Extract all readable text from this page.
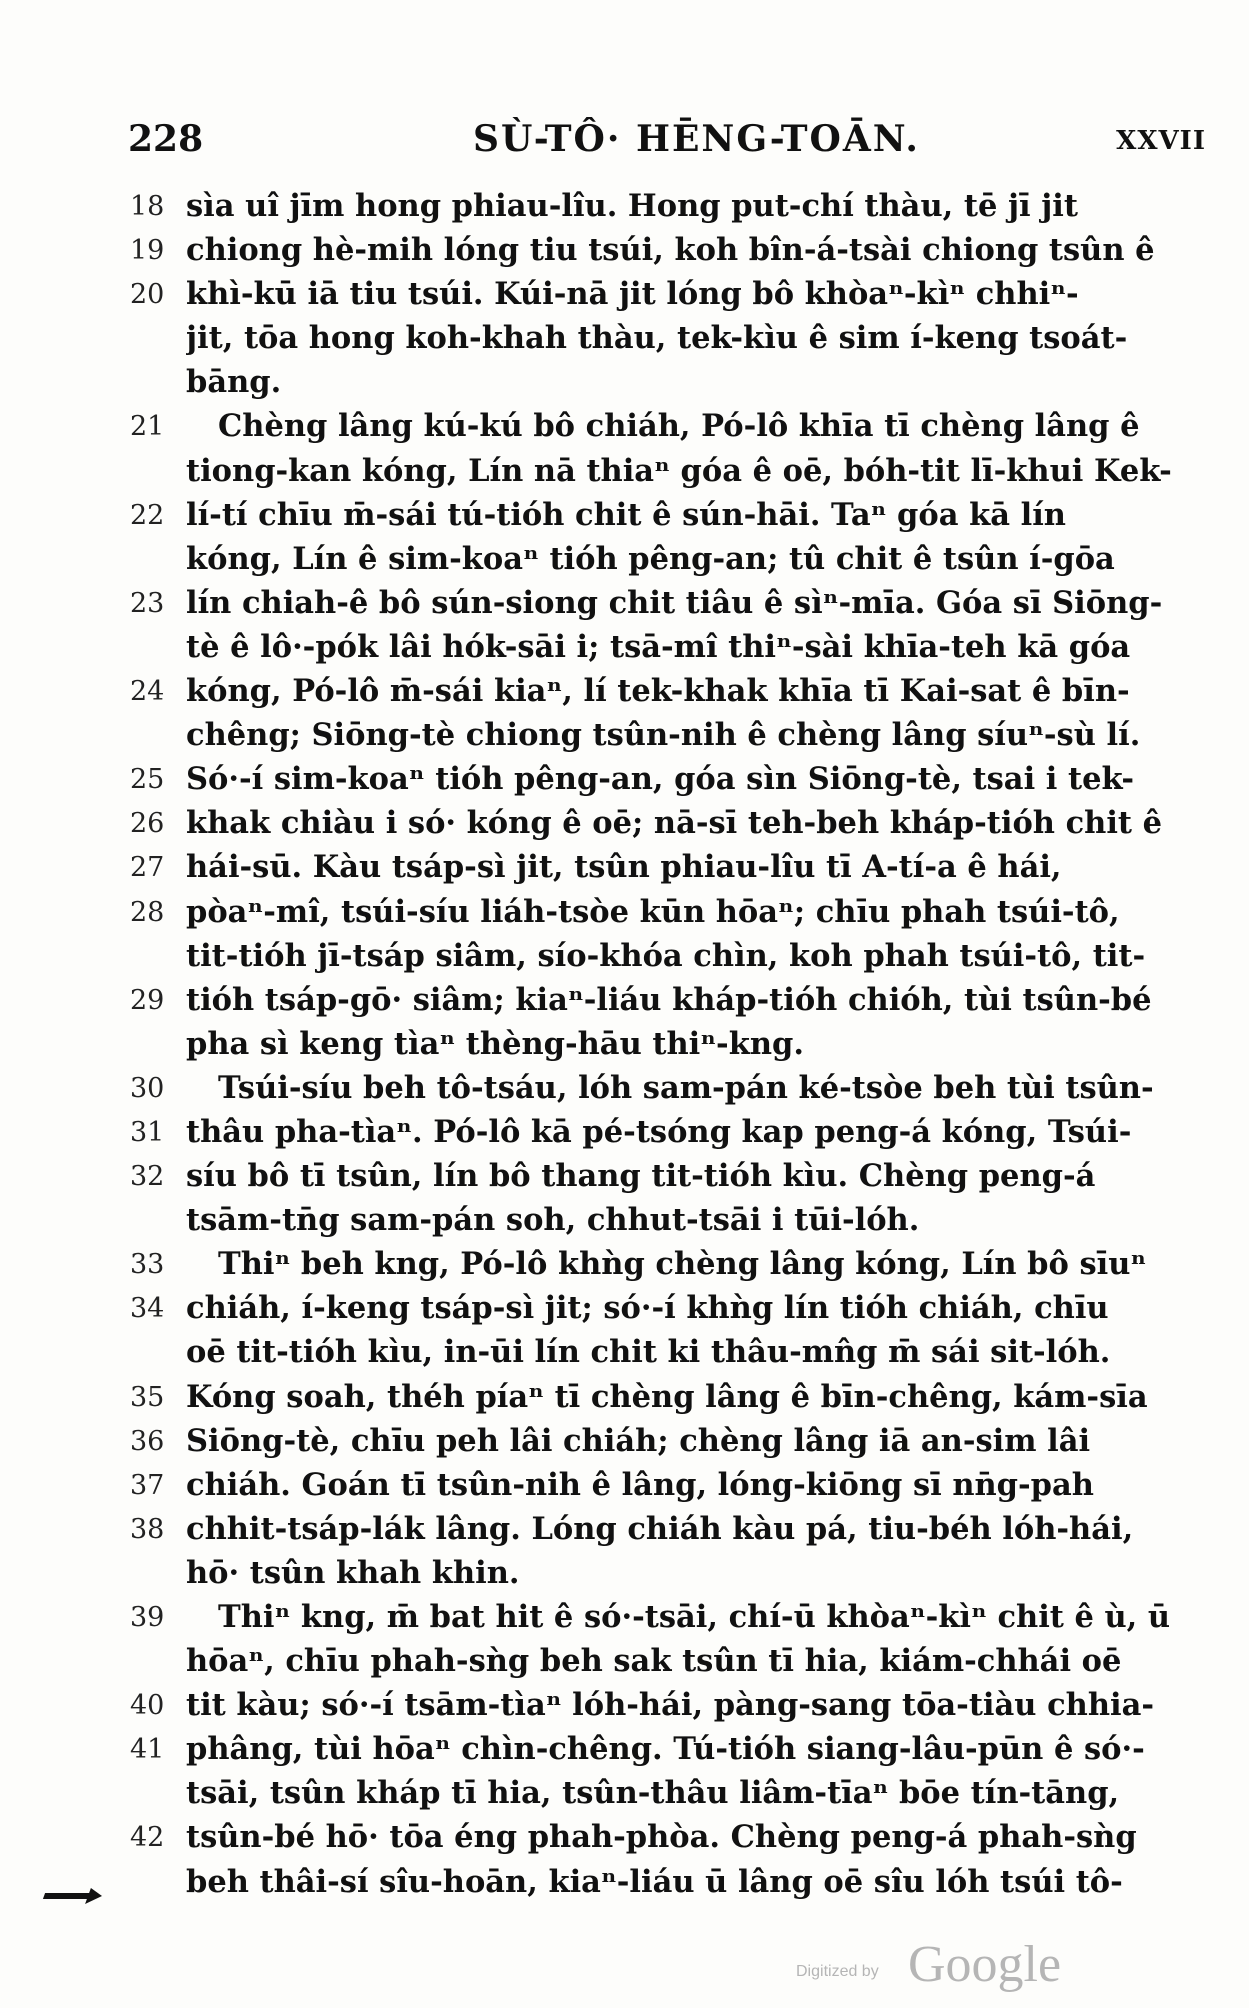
228	SÙ-TÔ· HĒNG-TOĀN.	XXVII
18 sìa uî jīm hong phiau-lîu. Hong put-chí thàu, tē jī jit
19 chiong hè-mih lóng tiu tsúi, koh bîn-á-tsài chiong tsûn ê
20 khì-kū iā tiu tsúi. Kúi-nā jit lóng bô khòaⁿ-kìⁿ chhiⁿ-
jit, tōa hong koh-khah thàu, tek-kìu ê sim í-keng tsoát-
bāng.
21	Chèng lâng kú-kú bô chiáh, Pó-lô khīa tī chèng lâng ê
tiong-kan kóng, Lín nā thiaⁿ góa ê oē, bóh-tit lī-khui Kek-
22 lí-tí chīu m̄-sái tú-tióh chit ê sún-hāi. Taⁿ góa kā lín
kóng, Lín ê sim-koaⁿ tióh pêng-an; tû chit ê tsûn í-gōa
23 lín chiah-ê bô sún-siong chit tiâu ê sìⁿ-mīa. Góa sī Siōng-
tè ê lô·-pók lâi hók-sāi i; tsā-mî thiⁿ-sài khīa-teh kā góa
24 kóng, Pó-lô m̄-sái kiaⁿ, lí tek-khak khīa tī Kai-sat ê bīn-
chêng; Siōng-tè chiong tsûn-nih ê chèng lâng síuⁿ-sù lí.
25 Só·-í sim-koaⁿ tióh pêng-an, góa sìn Siōng-tè, tsai i tek-
26 khak chiàu i só· kóng ê oē; nā-sī teh-beh kháp-tióh chit ê
27 hái-sū. Kàu tsáp-sì jit, tsûn phiau-lîu tī A-tí-a ê hái,
28 pòaⁿ-mî, tsúi-síu liáh-tsòe kūn hōaⁿ; chīu phah tsúi-tô,
tit-tióh jī-tsáp siâm, sío-khóa chìn, koh phah tsúi-tô, tit-
29 tióh tsáp-gō· siâm; kiaⁿ-liáu kháp-tióh chióh, tùi tsûn-bé
pha sì keng tìaⁿ thèng-hāu thiⁿ-kng.
30	Tsúi-síu beh tô-tsáu, lóh sam-pán ké-tsòe beh tùi tsûn-
31 thâu pha-tìaⁿ. Pó-lô kā pé-tsóng kap peng-á kóng, Tsúi-
32 síu bô tī tsûn, lín bô thang tit-tióh kìu. Chèng peng-á
tsām-tn̄g sam-pán soh, chhut-tsāi i tūi-lóh.
33	Thiⁿ beh kng, Pó-lô khǹg chèng lâng kóng, Lín bô sīuⁿ
34 chiáh, í-keng tsáp-sì jit; só·-í khǹg lín tióh chiáh, chīu
oē tit-tióh kìu, in-ūi lín chit ki thâu-mn̂g m̄ sái sit-lóh.
35 Kóng soah, théh píaⁿ tī chèng lâng ê bīn-chêng, kám-sīa
36 Siōng-tè, chīu peh lâi chiáh; chèng lâng iā an-sim lâi
37 chiáh. Goán tī tsûn-nih ê lâng, lóng-kiōng sī nn̄g-pah
38 chhit-tsáp-lák lâng. Lóng chiáh kàu pá, tiu-béh lóh-hái,
hō· tsûn khah khin.
39	Thiⁿ kng, m̄ bat hit ê só·-tsāi, chí-ū khòaⁿ-kìⁿ chit ê ù, ū
hōaⁿ, chīu phah-sǹg beh sak tsûn tī hia, kiám-chhái oē
40 tit kàu; só·-í tsām-tìaⁿ lóh-hái, pàng-sang tōa-tiàu chhia-
41 phâng, tùi hōaⁿ chìn-chêng. Tú-tióh siang-lâu-pūn ê só·-
tsāi, tsûn kháp tī hia, tsûn-thâu liâm-tīaⁿ bōe tín-tāng,
42 tsûn-bé hō· tōa éng phah-phòa. Chèng peng-á phah-sǹg
beh thâi-sí sîu-hoān, kiaⁿ-liáu ū lâng oē sîu lóh tsúi tô-
Digitized by Google
